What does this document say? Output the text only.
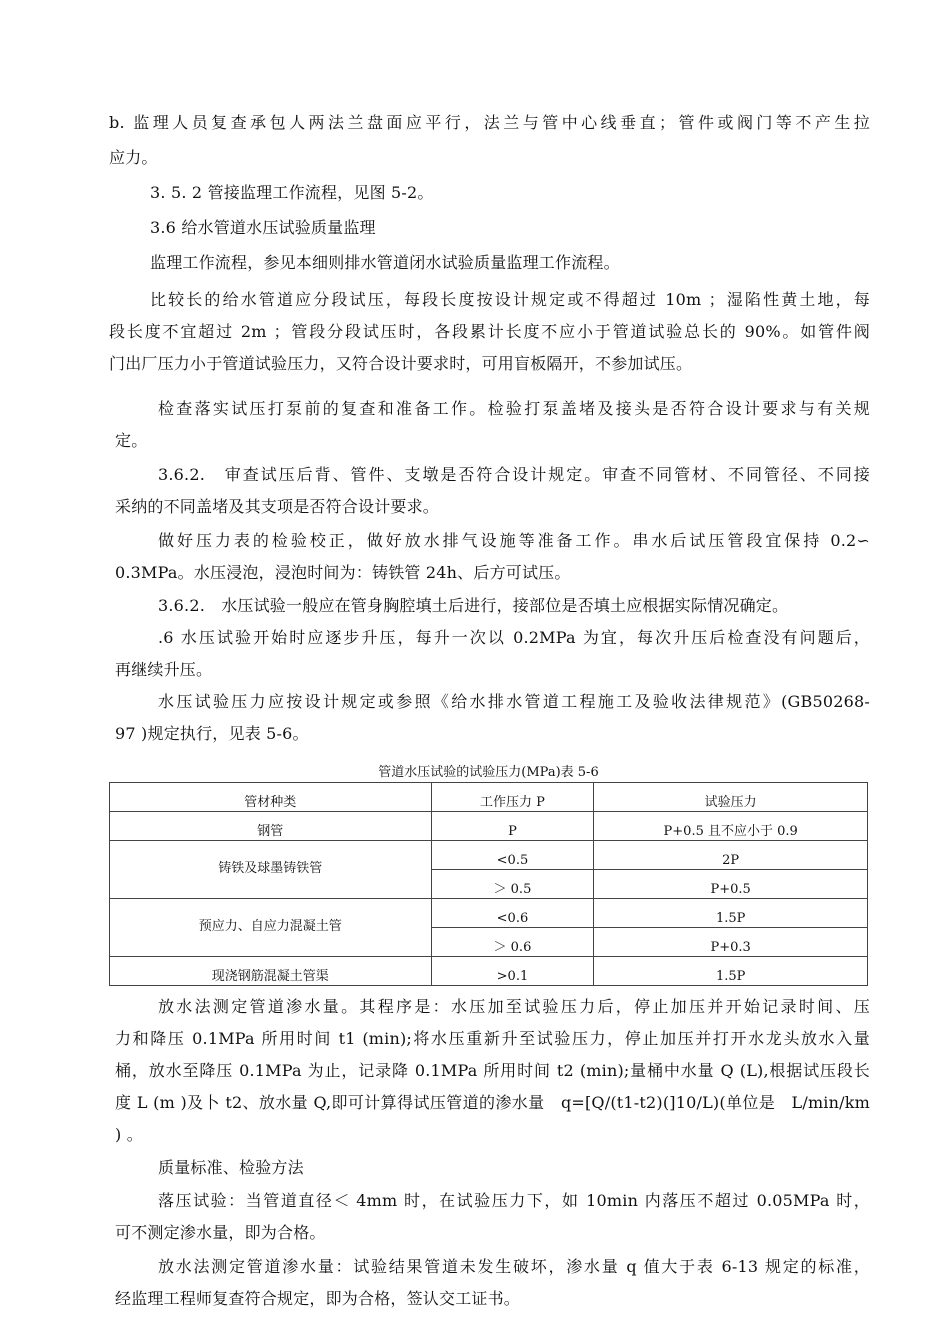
b. 监理人员复查承包人两法兰盘面应平行，法兰与管中心线垂直；管件或阀门等不产生拉
应力。
3. 5. 2 管接监理工作流程，见图 5-2。
3.6 给水管道水压试验质量监理
监理工作流程，参见本细则排水管道闭水试验质量监理工作流程。
比较长的给水管道应分段试压，每段长度按设计规定或不得超过 10m ；湿陷性黄土地，每
段长度不宜超过 2m ；管段分段试压时，各段累计长度不应小于管道试验总长的 90%。如管件阀
门出厂压力小于管道试验压力，又符合设计要求时，可用盲板隔开，不参加试压。
检查落实试压打泵前的复查和准备工作。检验打泵盖堵及接头是否符合设计要求与有关规
定。
3.6.2.　审查试压后背、管件、支墩是否符合设计规定。审查不同管材、不同管径、不同接
采纳的不同盖堵及其支项是否符合设计要求。
做好压力表的检验校正，做好放水排气设施等准备工作。串水后试压管段宜保持 0.2∽
0.3MPa。水压浸泡，浸泡时间为：铸铁管 24h、后方可试压。
3.6.2.　水压试验一般应在管身胸腔填土后进行，接部位是否填土应根据实际情况确定。
.6 水压试验开始时应逐步升压，每升一次以 0.2MPa 为宜，每次升压后检查没有问题后，
再继续升压。
水压试验压力应按设计规定或参照《给水排水管道工程施工及验收法律规范》(GB50268-
97 )规定执行，见表 5-6。
管道水压试验的试验压力(MPa)表 5-6
管材种类	工作压力 P	试验压力
钢管	P	P+0.5 且不应小于 0.9
铸铁及球墨铸铁管	<0.5	2P
	＞ 0.5	P+0.5
预应力、自应力混凝土管	<0.6	1.5P
	＞ 0.6	P+0.3
现浇钢筋混凝土管渠	>0.1	1.5P
放水法测定管道渗水量。其程序是：水压加至试验压力后，停止加压并开始记录时间、压
力和降压 0.1MPa 所用时间 t1 (min);将水压重新升至试验压力，停止加压并打开水龙头放水入量
桶，放水至降压 0.1MPa 为止，记录降 0.1MPa 所用时间 t2 (min);量桶中水量 Q (L),根据试压段长
度 L (m )及卜 t2、放水量 Q,即可计算得试压管道的渗水量　q=[Q/(t1-t2)(]10/L)(单位是　L/min/km
) 。
质量标准、检验方法
落压试验：当管道直径＜ 4mm 时，在试验压力下，如 10min 内落压不超过 0.05MPa 时，
可不测定渗水量，即为合格。
放水法测定管道渗水量：试验结果管道未发生破坏，渗水量 q 值大于表 6-13 规定的标准，
经监理工程师复查符合规定，即为合格，签认交工证书。
